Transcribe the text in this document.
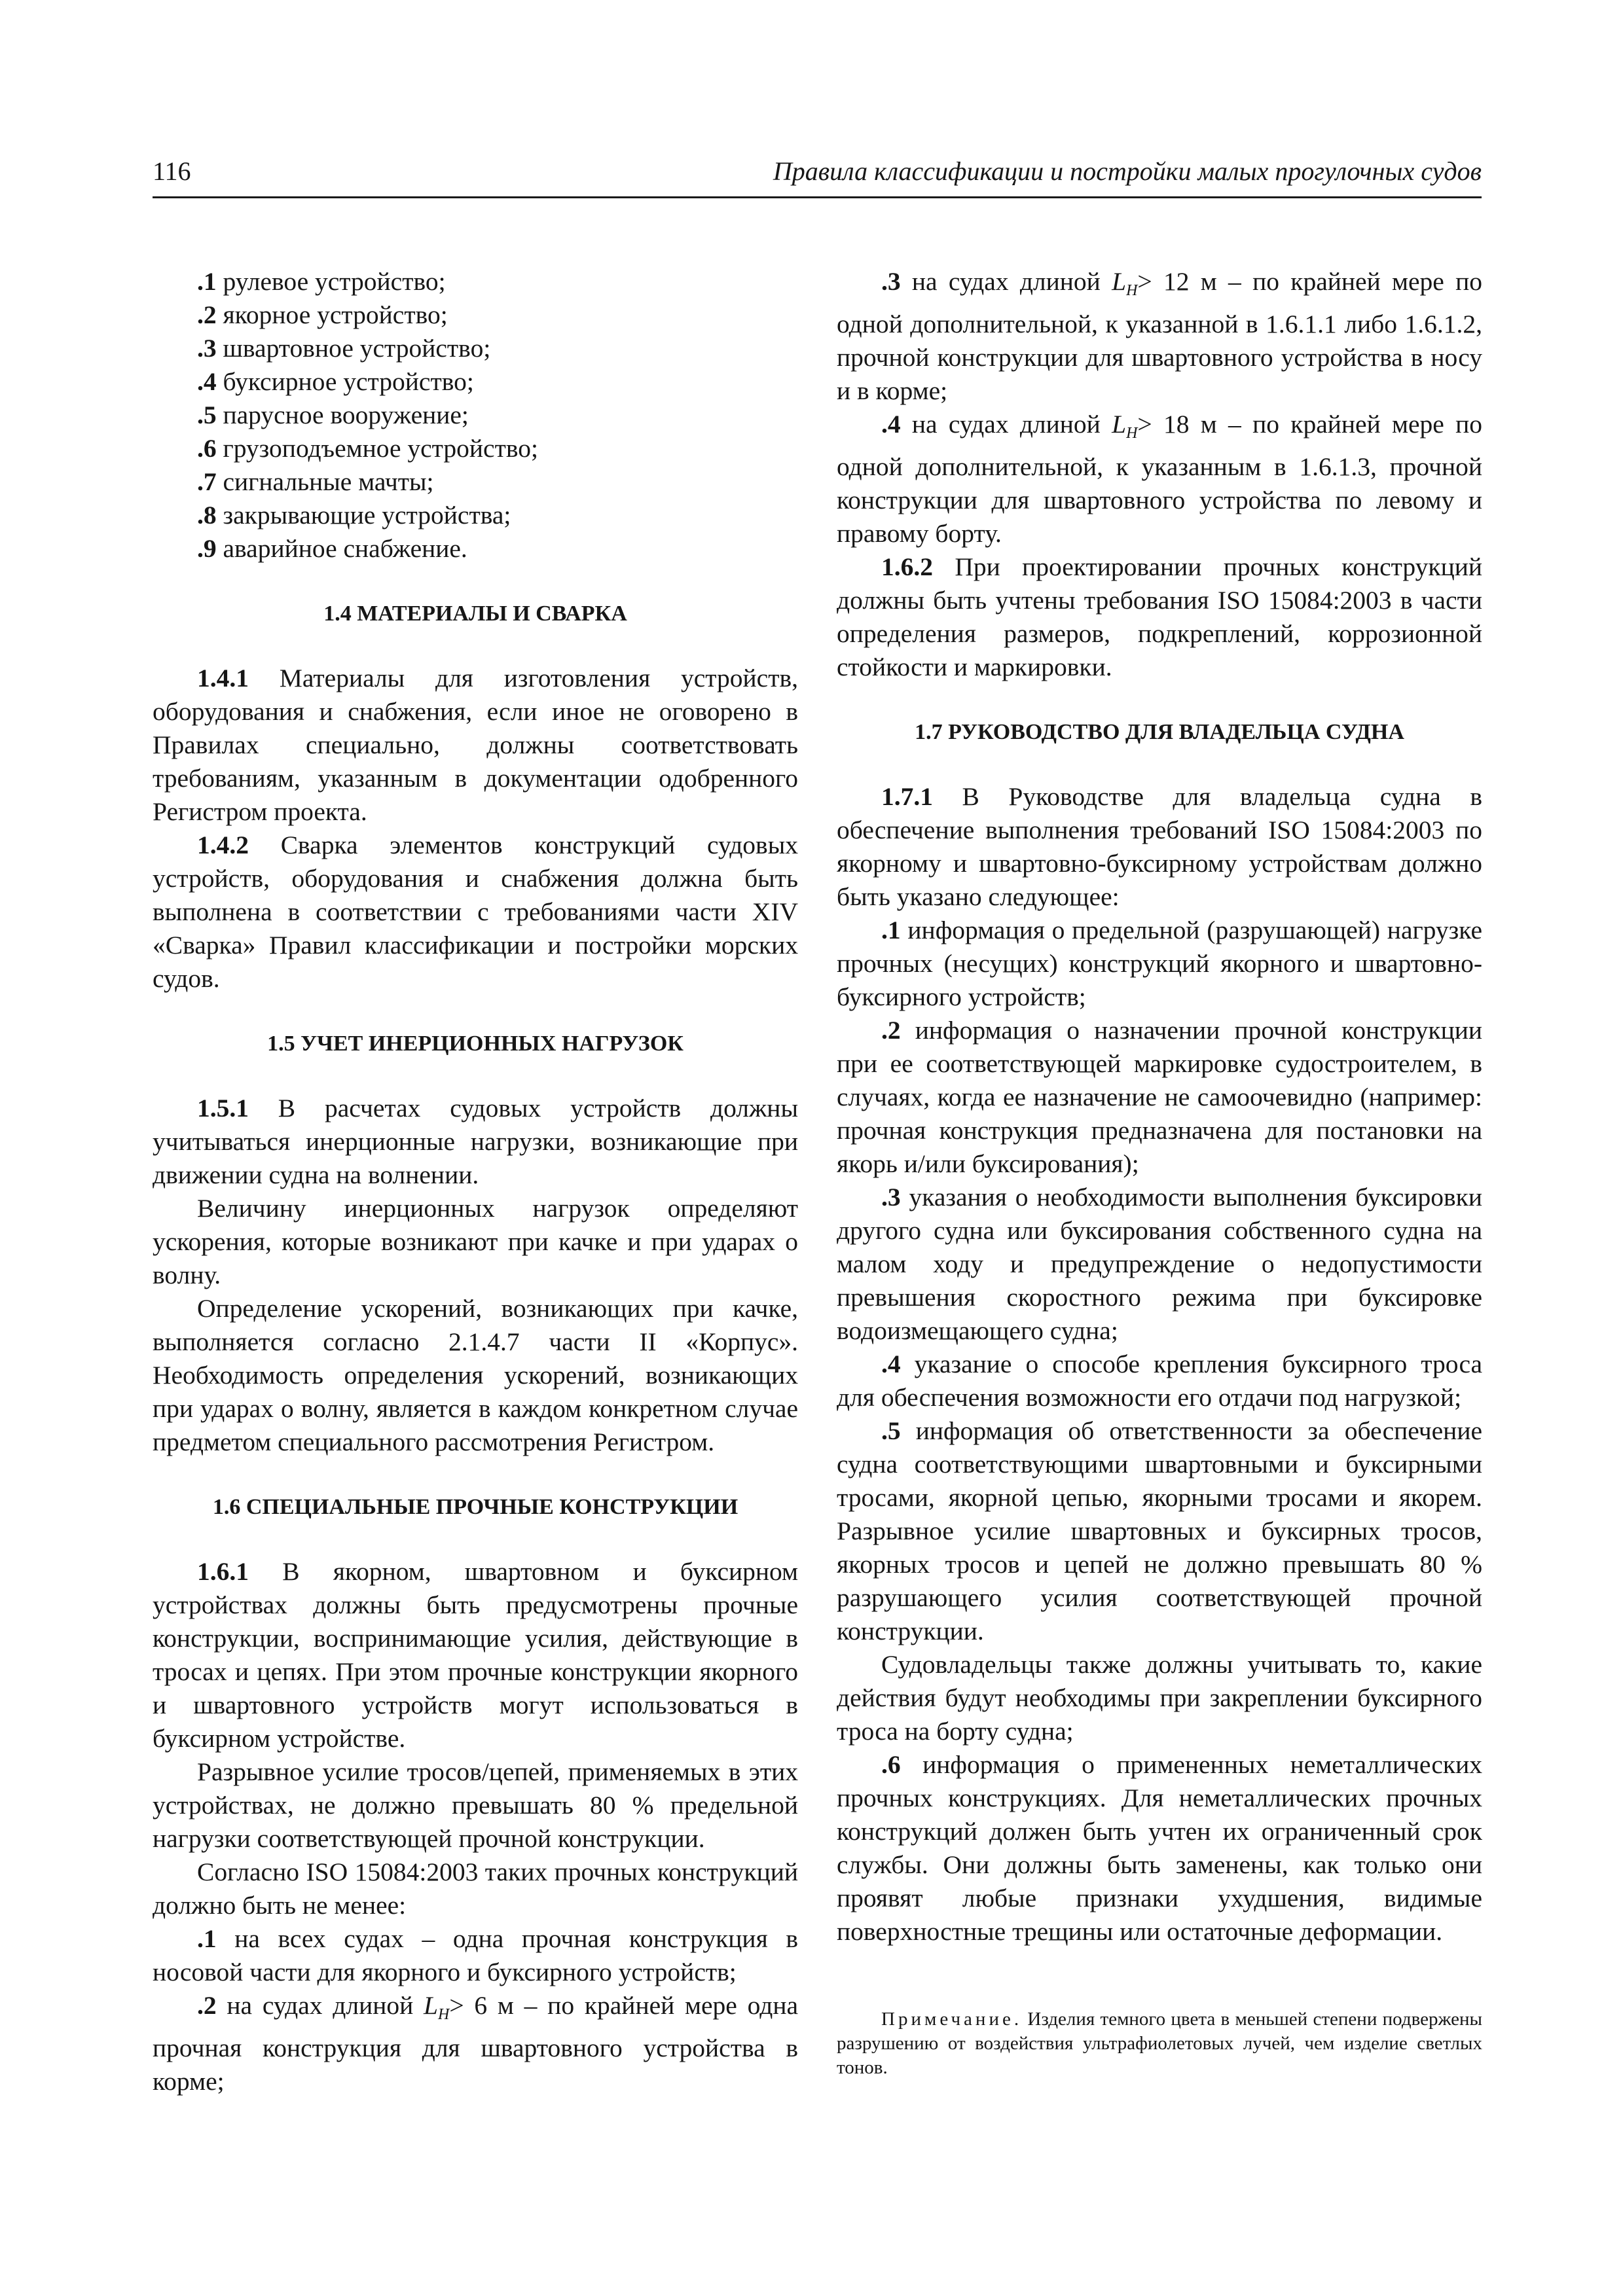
116	Правила классификации и постройки малых прогулочных судов

.1 рулевое устройство;

.2 якорное устройство;

.3 швартовное устройство;

.4 буксирное устройство;

.5 парусное вооружение;

.6 грузоподъемное устройство;

.7 сигнальные мачты;

.8 закрывающие устройства;

.9 аварийное снабжение.

1.4 МАТЕРИАЛЫ И СВАРКА

1.4.1 Материалы для изготовления устройств, оборудования и снабжения, если иное не оговорено в Правилах специально, должны соответствовать требованиям, указанным в документации одобренного Регистром проекта.

1.4.2 Сварка элементов конструкций судовых устройств, оборудования и снабжения должна быть выполнена в соответствии с требованиями части XIV «Сварка» Правил классификации и постройки морских судов.

1.5 УЧЕТ ИНЕРЦИОННЫХ НАГРУЗОК

1.5.1 В расчетах судовых устройств должны учитываться инерционные нагрузки, возникающие при движении судна на волнении.

Величину инерционных нагрузок определяют ускорения, которые возникают при качке и при ударах о волну.

Определение ускорений, возникающих при качке, выполняется согласно 2.1.4.7 части II «Корпус». Необходимость определения ускорений, возникающих при ударах о волну, является в каждом конкретном случае предметом специального рассмотрения Регистром.

1.6 СПЕЦИАЛЬНЫЕ ПРОЧНЫЕ КОНСТРУКЦИИ

1.6.1 В якорном, швартовном и буксирном устройствах должны быть предусмотрены прочные конструкции, воспринимающие усилия, действующие в тросах и цепях. При этом прочные конструкции якорного и швартовного устройств могут использоваться в буксирном устройстве.

Разрывное усилие тросов/цепей, применяемых в этих устройствах, не должно превышать 80 % предельной нагрузки соответствующей прочной конструкции.

Согласно ISO 15084:2003 таких прочных конструкций должно быть не менее:

.1 на всех судах – одна прочная конструкция в носовой части для якорного и буксирного устройств;

.2 на судах длиной $L_H> 6$ м – по крайней мере одна прочная конструкция для швартовного устройства в корме;

.3 на судах длиной $L_H> 12$ м – по крайней мере по одной дополнительной, к указанной в 1.6.1.1 либо 1.6.1.2, прочной конструкции для швартовного устройства в носу и в корме;

.4 на судах длиной $L_H> 18$ м – по крайней мере по одной дополнительной, к указанным в 1.6.1.3, прочной конструкции для швартовного устройства по левому и правому борту.

1.6.2 При проектировании прочных конструкций должны быть учтены требования ISO 15084:2003 в части определения размеров, подкреплений, коррозионной стойкости и маркировки.

1.7 РУКОВОДСТВО ДЛЯ ВЛАДЕЛЬЦА СУДНА

1.7.1 В Руководстве для владельца судна в обеспечение выполнения требований ISO 15084:2003 по якорному и швартовно-буксирному устройствам должно быть указано следующее:

.1 информация о предельной (разрушающей) нагрузке прочных (несущих) конструкций якорного и швартовно-буксирного устройств;

.2 информация о назначении прочной конструкции при ее соответствующей маркировке судостроителем, в случаях, когда ее назначение не самоочевидно (например: прочная конструкция предназначена для постановки на якорь и/или буксирования);

.3 указания о необходимости выполнения буксировки другого судна или буксирования собственного судна на малом ходу и предупреждение о недопустимости превышения скоростного режима при буксировке водоизмещающего судна;

.4 указание о способе крепления буксирного троса для обеспечения возможности его отдачи под нагрузкой;

.5 информация об ответственности за обеспечение судна соответствующими швартовными и буксирными тросами, якорной цепью, якорными тросами и якорем. Разрывное усилие швартовных и буксирных тросов, якорных тросов и цепей не должно превышать 80 % разрушающего усилия соответствующей прочной конструкции.

Судовладельцы также должны учитывать то, какие действия будут необходимы при закреплении буксирного троса на борту судна;

.6 информация о примененных неметаллических прочных конструкциях. Для неметаллических прочных конструкций должен быть учтен их ограниченный срок службы. Они должны быть заменены, как только они проявят любые признаки ухудшения, видимые поверхностные трещины или остаточные деформации.

Примечание. Изделия темного цвета в меньшей степени подвержены разрушению от воздействия ультрафиолетовых лучей, чем изделие светлых тонов.
